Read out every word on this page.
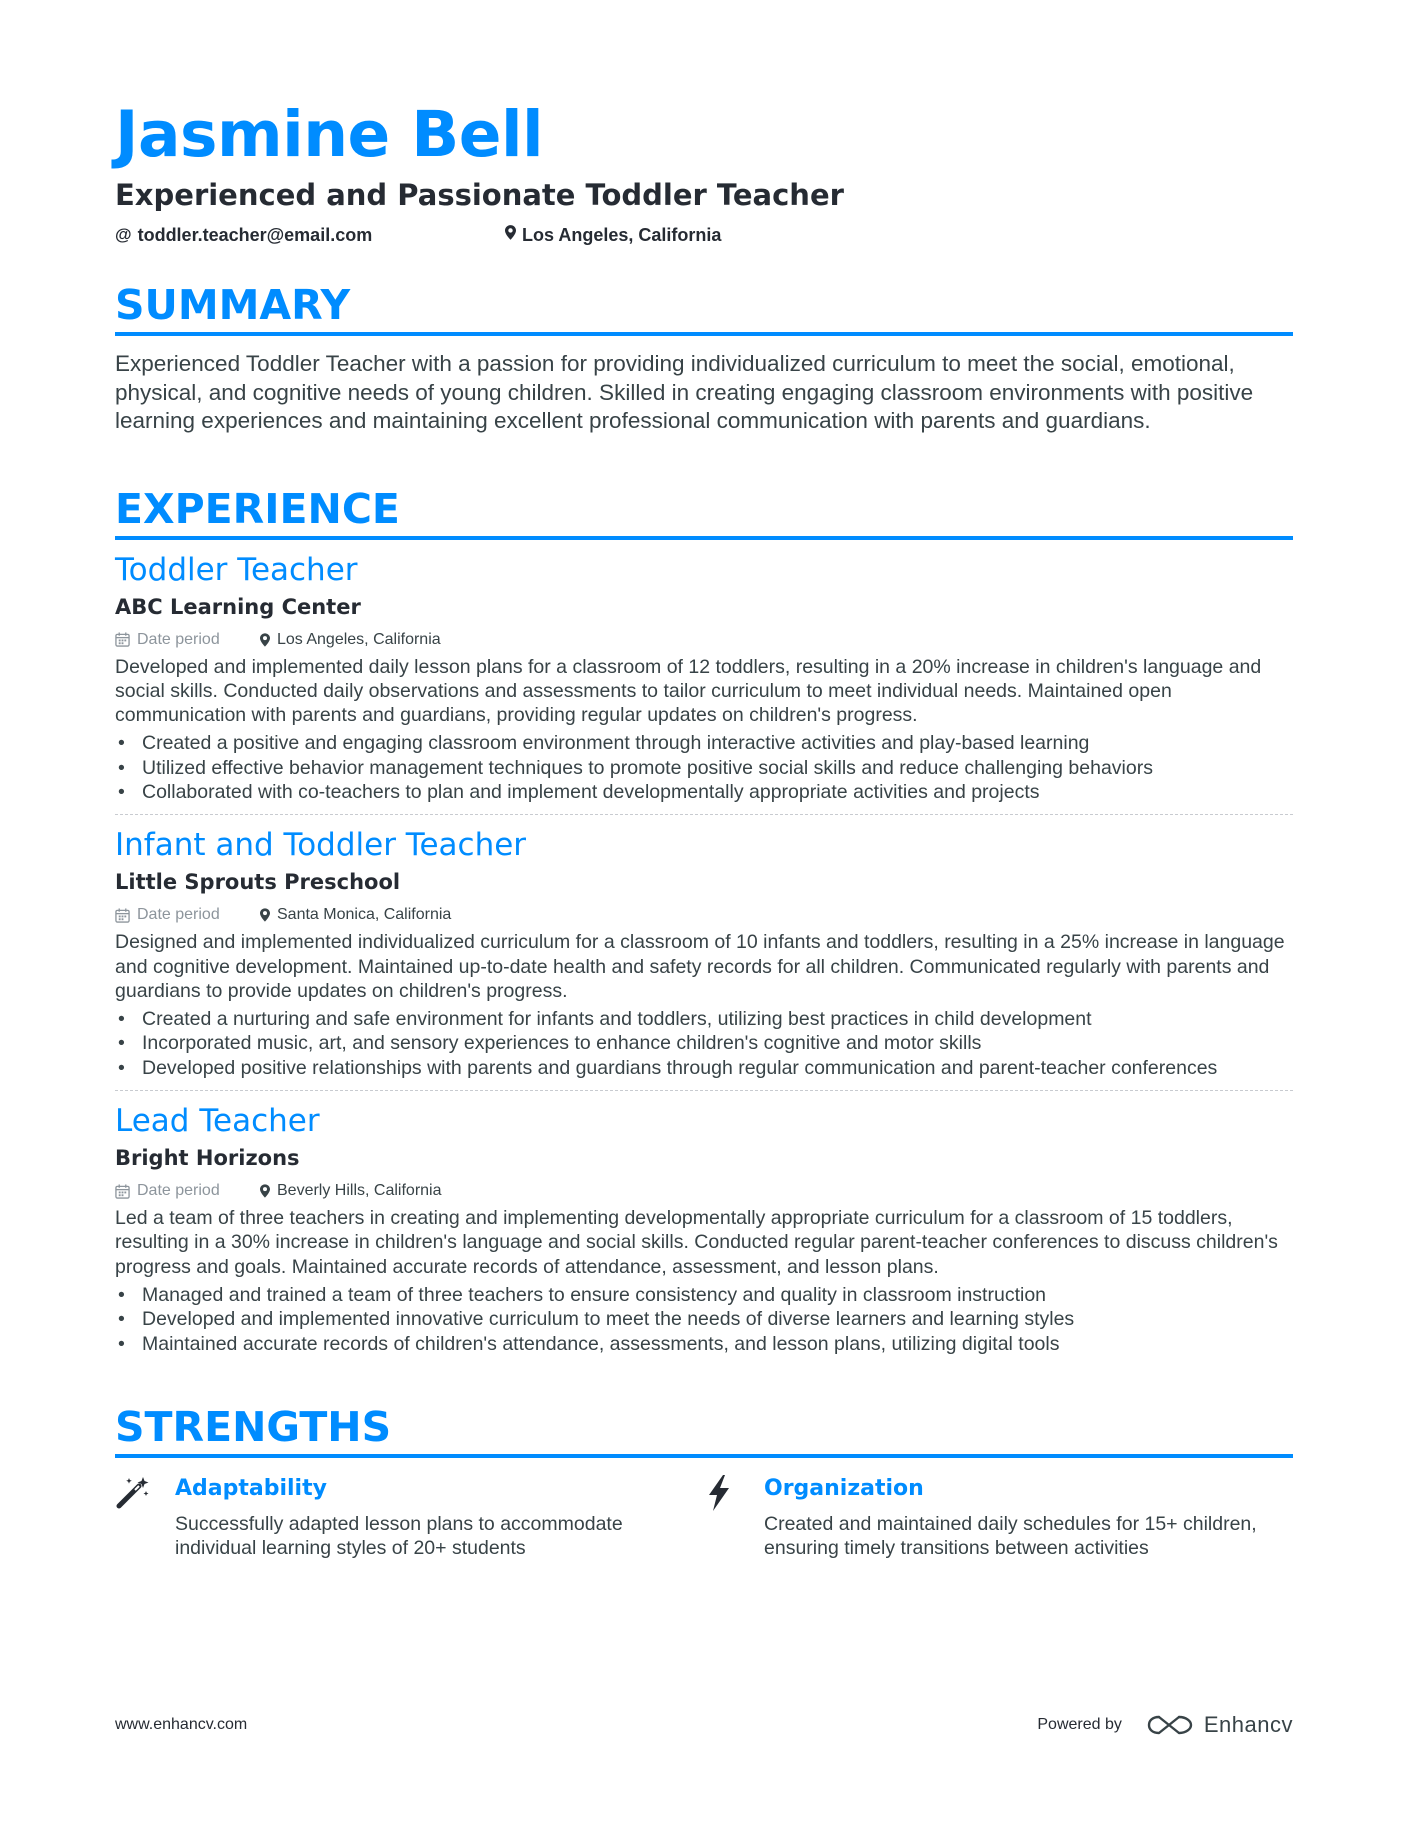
Jasmine Bell
Experienced and Passionate Toddler Teacher
@ toddler.teacher@email.com	Los Angeles, California
SUMMARY
Experienced Toddler Teacher with a passion for providing individualized curriculum to meet the social, emotional, physical, and cognitive needs of young children. Skilled in creating engaging classroom environments with positive learning experiences and maintaining excellent professional communication with parents and guardians.
EXPERIENCE
Toddler Teacher
ABC Learning Center
Date period	Los Angeles, California
Developed and implemented daily lesson plans for a classroom of 12 toddlers, resulting in a 20% increase in children's language and social skills. Conducted daily observations and assessments to tailor curriculum to meet individual needs. Maintained open communication with parents and guardians, providing regular updates on children's progress.
• Created a positive and engaging classroom environment through interactive activities and play-based learning
• Utilized effective behavior management techniques to promote positive social skills and reduce challenging behaviors
• Collaborated with co-teachers to plan and implement developmentally appropriate activities and projects
Infant and Toddler Teacher
Little Sprouts Preschool
Date period	Santa Monica, California
Designed and implemented individualized curriculum for a classroom of 10 infants and toddlers, resulting in a 25% increase in language and cognitive development. Maintained up-to-date health and safety records for all children. Communicated regularly with parents and guardians to provide updates on children's progress.
• Created a nurturing and safe environment for infants and toddlers, utilizing best practices in child development
• Incorporated music, art, and sensory experiences to enhance children's cognitive and motor skills
• Developed positive relationships with parents and guardians through regular communication and parent-teacher conferences
Lead Teacher
Bright Horizons
Date period	Beverly Hills, California
Led a team of three teachers in creating and implementing developmentally appropriate curriculum for a classroom of 15 toddlers, resulting in a 30% increase in children's language and social skills. Conducted regular parent-teacher conferences to discuss children's progress and goals. Maintained accurate records of attendance, assessment, and lesson plans.
• Managed and trained a team of three teachers to ensure consistency and quality in classroom instruction
• Developed and implemented innovative curriculum to meet the needs of diverse learners and learning styles
• Maintained accurate records of children's attendance, assessments, and lesson plans, utilizing digital tools
STRENGTHS
Adaptability
Successfully adapted lesson plans to accommodate individual learning styles of 20+ students
Organization
Created and maintained daily schedules for 15+ children, ensuring timely transitions between activities
www.enhancv.com	Powered by	Enhancv
